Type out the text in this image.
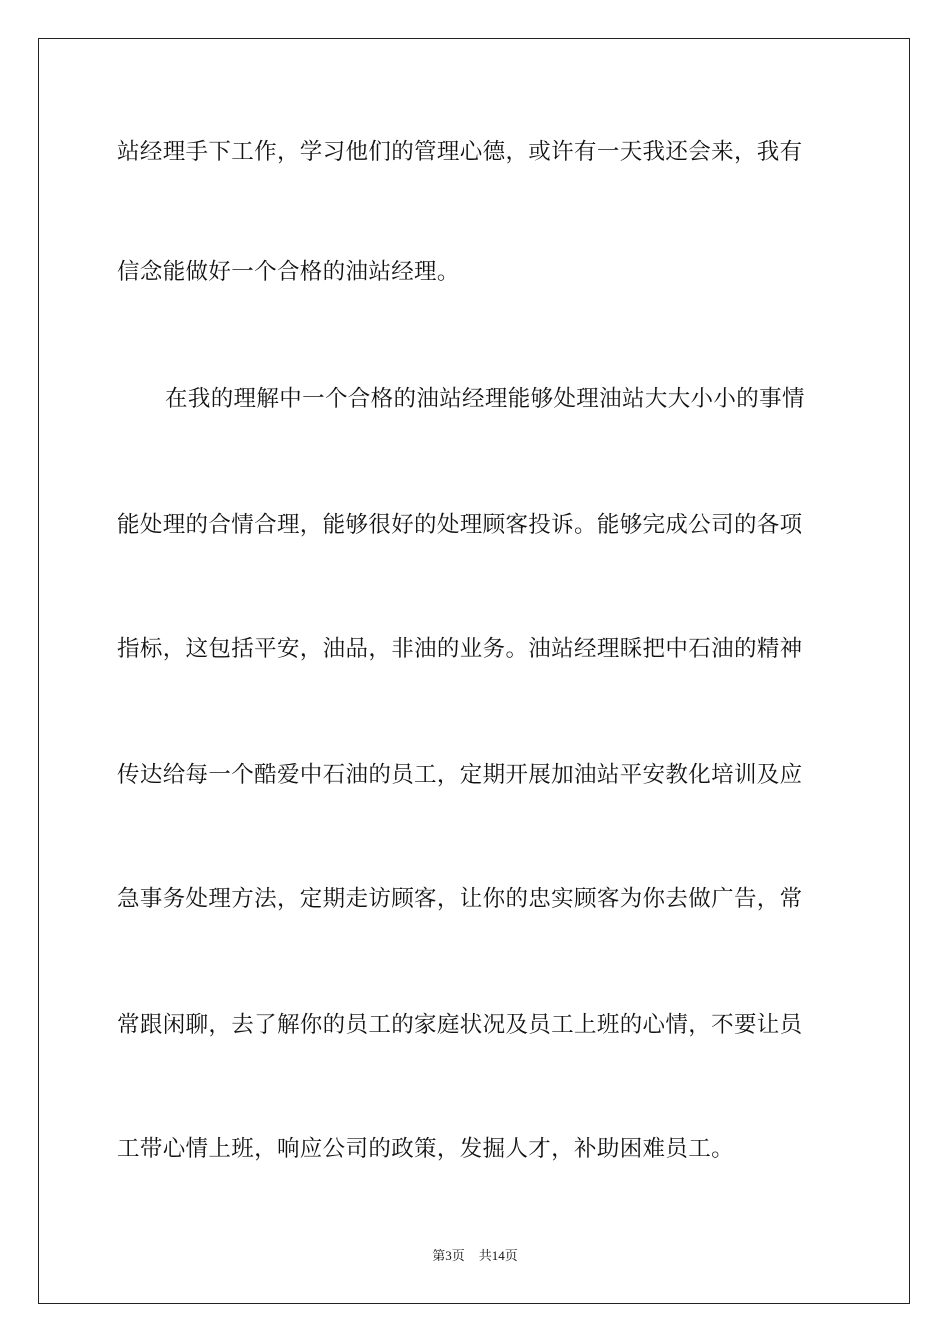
站经理手下工作，学习他们的管理心德，或许有一天我还会来，我有
信念能做好一个合格的油站经理。
在我的理解中一个合格的油站经理能够处理油站大大小小的事情
能处理的合情合理，能够很好的处理顾客投诉。能够完成公司的各项
指标，这包括平安，油品，非油的业务。油站经理睬把中石油的精神
传达给每一个酷爱中石油的员工，定期开展加油站平安教化培训及应
急事务处理方法，定期走访顾客，让你的忠实顾客为你去做广告，常
常跟闲聊，去了解你的员工的家庭状况及员工上班的心情，不要让员
工带心情上班，响应公司的政策，发掘人才，补助困难员工。
第3页 共14页
